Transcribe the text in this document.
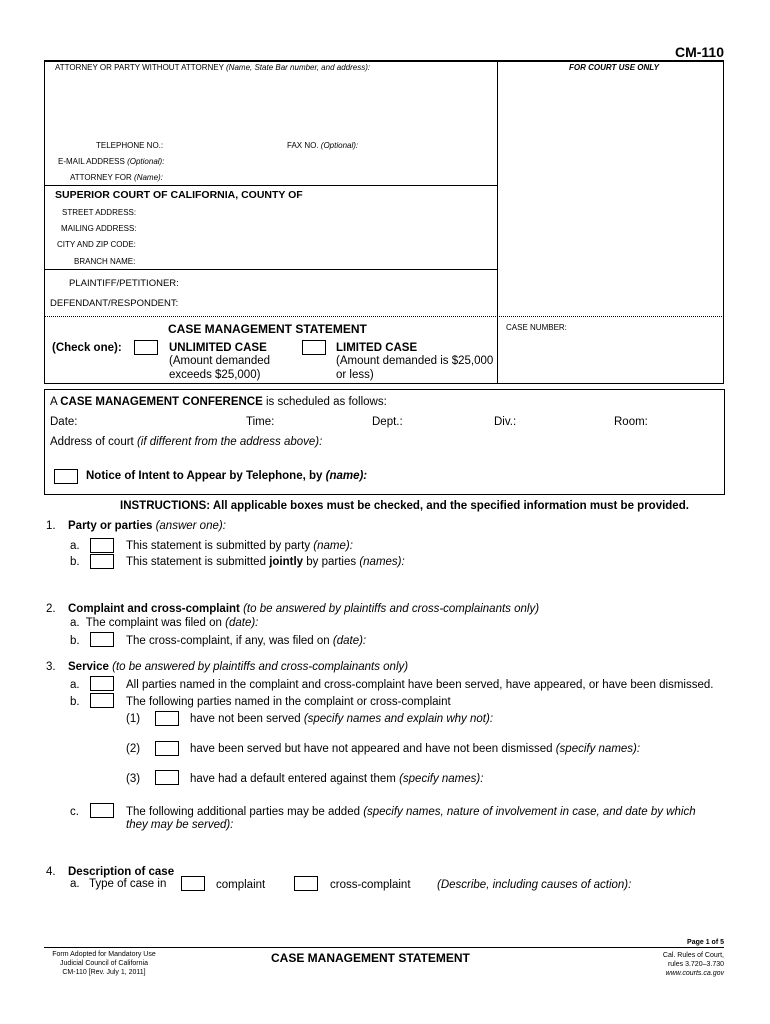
CM-110
ATTORNEY OR PARTY WITHOUT ATTORNEY (Name, State Bar number, and address):	FOR COURT USE ONLY
TELEPHONE NO.:	FAX NO. (Optional):
E-MAIL ADDRESS (Optional):
ATTORNEY FOR (Name):
SUPERIOR COURT OF CALIFORNIA, COUNTY OF
STREET ADDRESS:
MAILING ADDRESS:
CITY AND ZIP CODE:
BRANCH NAME:
PLAINTIFF/PETITIONER:
DEFENDANT/RESPONDENT:
CASE MANAGEMENT STATEMENT	CASE NUMBER:
(Check one):	UNLIMITED CASE
(Amount demanded
exceeds $25,000)
LIMITED CASE
(Amount demanded is $25,000
or less)
A CASE MANAGEMENT CONFERENCE is scheduled as follows:
Date:	Time:	Dept.:	Div.:	Room:
Address of court (if different from the address above):
Notice of Intent to Appear by Telephone, by (name):
INSTRUCTIONS: All applicable boxes must be checked, and the specified information must be provided.
1. Party or parties (answer one):
a.	This statement is submitted by party (name):
b.	This statement is submitted jointly by parties (names):
2. Complaint and cross-complaint (to be answered by plaintiffs and cross-complainants only)
a. The complaint was filed on (date):
b.	The cross-complaint, if any, was filed on (date):
3. Service (to be answered by plaintiffs and cross-complainants only)
a.	All parties named in the complaint and cross-complaint have been served, have appeared, or have been dismissed.
b.	The following parties named in the complaint or cross-complaint
(1)	have not been served (specify names and explain why not):
(2)	have been served but have not appeared and have not been dismissed (specify names):
(3)	have had a default entered against them (specify names):
c.	The following additional parties may be added (specify names, nature of involvement in case, and date by which
they may be served):
4. Description of case
a. Type of case in	complaint	cross-complaint (Describe, including causes of action):
Page 1 of 5
Form Adopted for Mandatory Use
Judicial Council of California
CM-110 [Rev. July 1, 2011]
CASE MANAGEMENT STATEMENT	Cal. Rules of Court,
rules 3.720–3.730
www.courts.ca.gov
